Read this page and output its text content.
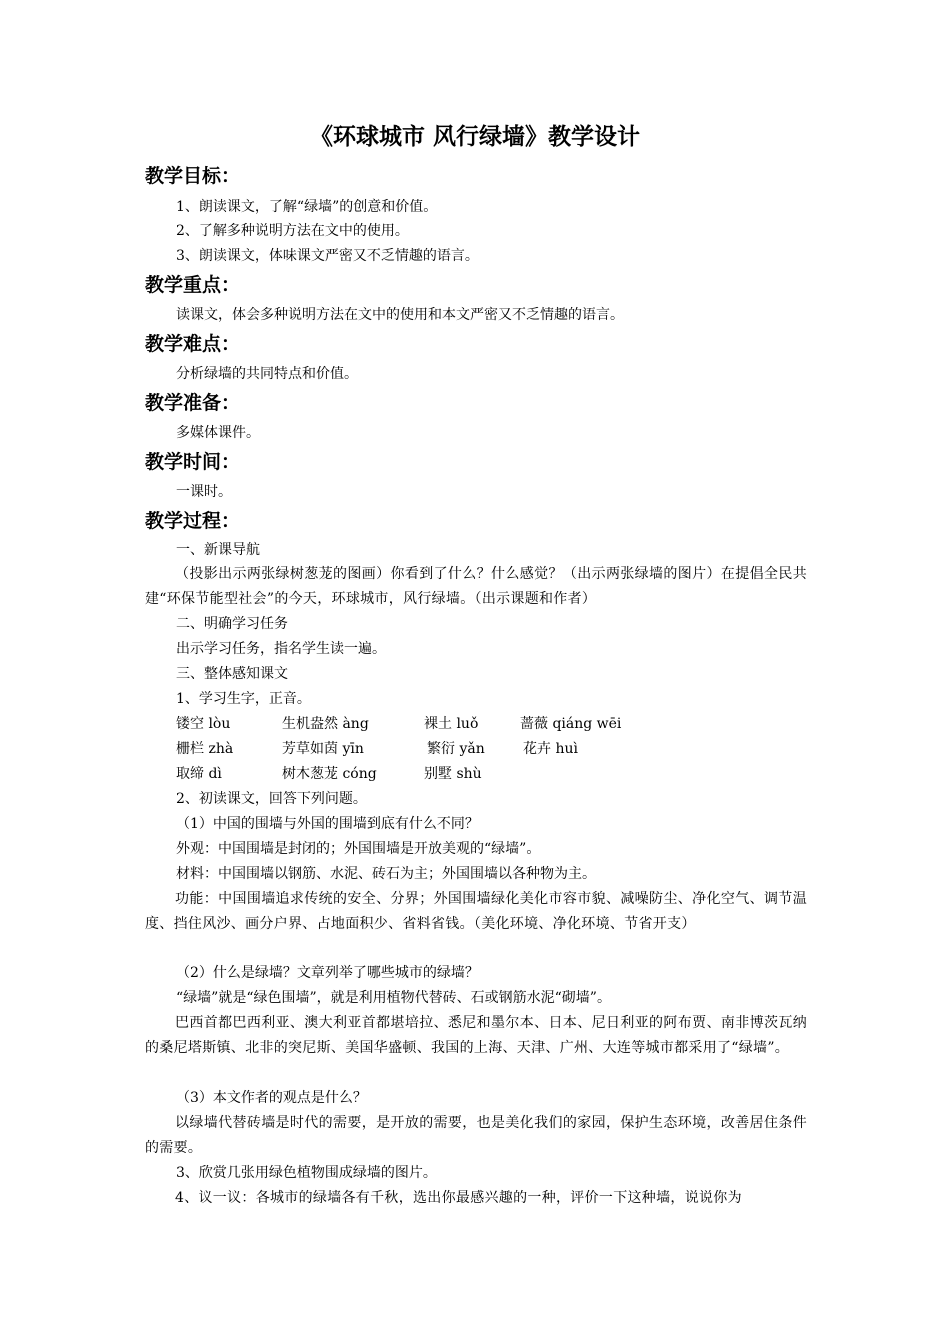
《环球城市 风行绿墙》教学设计
教学目标：
1、朗读课文，了解“绿墙”的创意和价值。
2、了解多种说明方法在文中的使用。
3、朗读课文，体味课文严密又不乏情趣的语言。
教学重点：
读课文，体会多种说明方法在文中的使用和本文严密又不乏情趣的语言。
教学难点：
分析绿墙的共同特点和价值。
教学准备：
多媒体课件。
教学时间：
一课时。
教学过程：
一、新课导航
（投影出示两张绿树葱茏的图画）你看到了什么？什么感觉？（出示两张绿墙的图片）在提倡全民共建“环保节能型社会”的今天，环球城市，风行绿墙。（出示课题和作者）
二、明确学习任务
出示学习任务，指名学生读一遍。
三、整体感知课文
1、学习生字，正音。
镂空 lòu	生机盎然 àng	裸土 luǒ	蔷薇 qiáng wēi
栅栏 zhà	芳草如茵 yīn	繁衍 yǎn	花卉 huì
取缔 dì	树木葱茏 cóng	别墅 shù
2、初读课文，回答下列问题。
（1）中国的围墙与外国的围墙到底有什么不同？
外观：中国围墙是封闭的；外国围墙是开放美观的“绿墙”。
材料：中国围墙以钢筋、水泥、砖石为主；外国围墙以各种物为主。
功能：中国围墙追求传统的安全、分界；外国围墙绿化美化市容市貌、减噪防尘、净化空气、调节温度、挡住风沙、画分户界、占地面积少、省料省钱。（美化环境、净化环境、节省开支）
（2）什么是绿墙？文章列举了哪些城市的绿墙？
“绿墙”就是“绿色围墙”，就是利用植物代替砖、石或钢筋水泥“砌墙”。
巴西首都巴西利亚、澳大利亚首都堪培拉、悉尼和墨尔本、日本、尼日利亚的阿布贾、南非博茨瓦纳的桑尼塔斯镇、北非的突尼斯、美国华盛顿、我国的上海、天津、广州、大连等城市都采用了“绿墙”。
（3）本文作者的观点是什么？
以绿墙代替砖墙是时代的需要，是开放的需要，也是美化我们的家园，保护生态环境，改善居住条件的需要。
3、欣赏几张用绿色植物围成绿墙的图片。
4、议一议：各城市的绿墙各有千秋，选出你最感兴趣的一种，评价一下这种墙，说说你为
